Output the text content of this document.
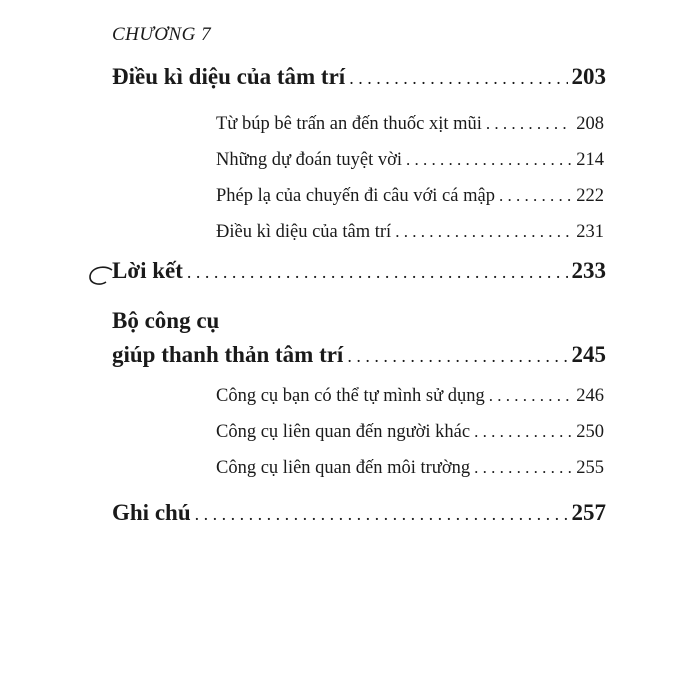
CHƯƠNG 7
Điều kì diệu của tâm trí . . .	203
Từ búp bê trấn an đến thuốc xịt mũi . . .	208
Những dự đoán tuyệt vời . . .	214
Phép lạ của chuyến đi câu với cá mập . . .	222
Điều kì diệu của tâm trí . . .	231
Lời kết . . .	233
Bộ công cụ
giúp thanh thản tâm trí . . .	245
Công cụ bạn có thể tự mình sử dụng . . .	246
Công cụ liên quan đến người khác . . .	250
Công cụ liên quan đến môi trường . . .	255
Ghi chú . . .	257
